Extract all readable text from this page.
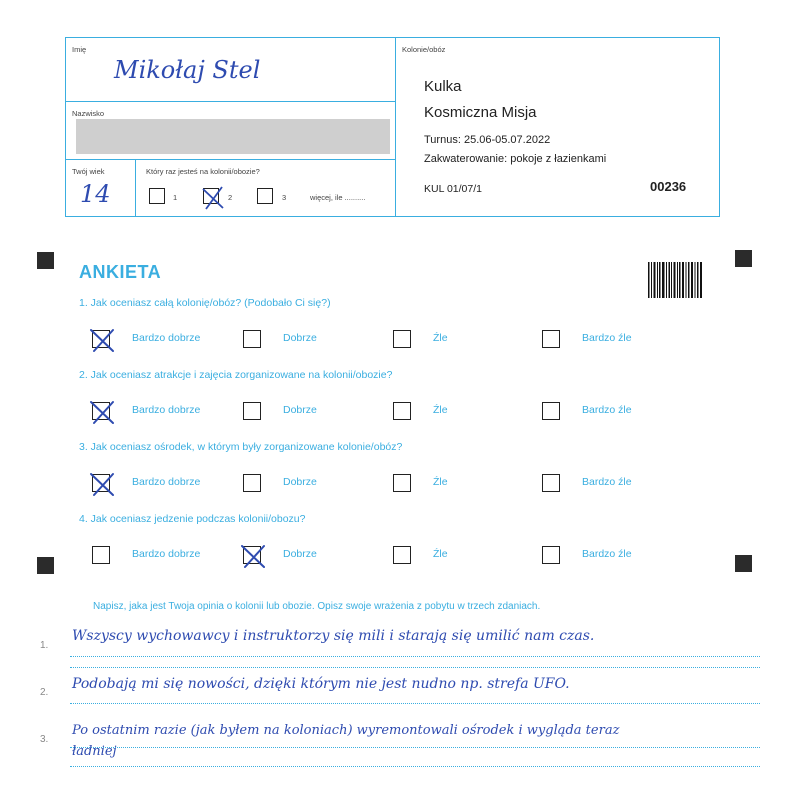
Imię
Mikołaj Stel
Nazwisko
Twój wiek
14
Który raz jesteś na kolonii/obozie?
1	2	3	więcej, ile ..........
Kolonie/obóz
Kulka
Kosmiczna Misja
Turnus: 25.06-05.07.2022
Zakwaterowanie: pokoje z łazienkami
KUL 01/07/1	00236
ANKIETA
1. Jak oceniasz całą kolonię/obóz? (Podobało Ci się?)
Bardzo dobrze	Dobrze	Źle	Bardzo źle
2. Jak oceniasz atrakcje i zajęcia zorganizowane na kolonii/obozie?
Bardzo dobrze	Dobrze	Źle	Bardzo źle
3. Jak oceniasz ośrodek, w którym były zorganizowane kolonie/obóz?
Bardzo dobrze	Dobrze	Źle	Bardzo źle
4. Jak oceniasz jedzenie podczas kolonii/obozu?
Bardzo dobrze	Dobrze	Źle	Bardzo źle
Napisz, jaka jest Twoja opinia o kolonii lub obozie. Opisz swoje wrażenia z pobytu w trzech zdaniach.
1.
Wszyscy wychowawcy i instruktorzy się mili i starają się umilić nam czas.
2.
Podobają mi się nowości, dzięki którym nie jest nudno np. strefa UFO.
3.
Po ostatnim razie (jak byłem na koloniach) wyremontowali ośrodek i wygląda teraz
ładniej
